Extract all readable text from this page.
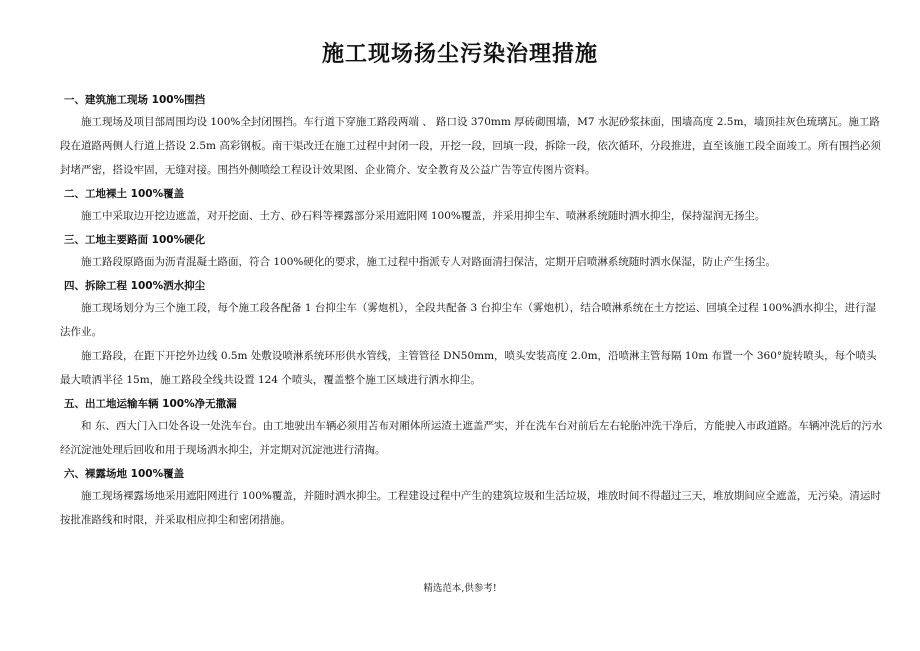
施工现场扬尘污染治理措施

一、建筑施工现场 100%围挡

施工现场及项目部周围均设 100%全封闭围挡。车行道下穿施工路段两端 、 路口设 370mm 厚砖砌围墙，M7 水泥砂浆抹面，围墙高度 2.5m，墙顶挂灰色琉璃瓦。施工路段在道路两侧人行道上搭设 2.5m 高彩钢板。南干渠改迁在施工过程中封闭一段，开挖一段，回填一段，拆除一段，依次循环，分段推进，直至该施工段全面竣工。所有围挡必须封堵严密，搭设牢固，无缝对接。围挡外侧喷绘工程设计效果图、企业简介、安全教育及公益广告等宣传图片资料。

二、工地裸土 100%覆盖

施工中采取边开挖边遮盖，对开挖面、土方、砂石料等裸露部分采用遮阳网 100%覆盖，并采用抑尘车、喷淋系统随时洒水抑尘，保持湿润无扬尘。

三、工地主要路面 100%硬化

施工路段原路面为沥青混凝土路面，符合 100%硬化的要求，施工过程中指派专人对路面清扫保洁，定期开启喷淋系统随时洒水保湿，防止产生扬尘。

四、拆除工程 100%洒水抑尘

施工现场划分为三个施工段，每个施工段各配备 1 台抑尘车（雾炮机），全段共配备 3 台抑尘车（雾炮机），结合喷淋系统在土方挖运、回填全过程 100%洒水抑尘，进行湿法作业。

施工路段，在距下开挖外边线 0.5m 处敷设喷淋系统环形供水管线，主管管径 DN50mm，喷头安装高度 2.0m，沿喷淋主管每隔 10m 布置一个 360°旋转喷头，每个喷头最大喷洒半径 15m，施工路段全线共设置 124 个喷头，覆盖整个施工区域进行洒水抑尘。

五、出工地运输车辆 100%净无撒漏

和 东、西大门入口处各设一处洗车台。由工地驶出车辆必须用苫布对厢体所运渣土遮盖严实，并在洗车台对前后左右轮胎冲洗干净后，方能驶入市政道路。车辆冲洗后的污水经沉淀池处理后回收和用于现场洒水抑尘，并定期对沉淀池进行清掏。

六、裸露场地 100%覆盖

施工现场裸露场地采用遮阳网进行 100%覆盖，并随时洒水抑尘。工程建设过程中产生的建筑垃圾和生活垃圾，堆放时间不得超过三天，堆放期间应全遮盖，无污染。清运时按批准路线和时限，并采取相应抑尘和密闭措施。

精选范本,供参考!
